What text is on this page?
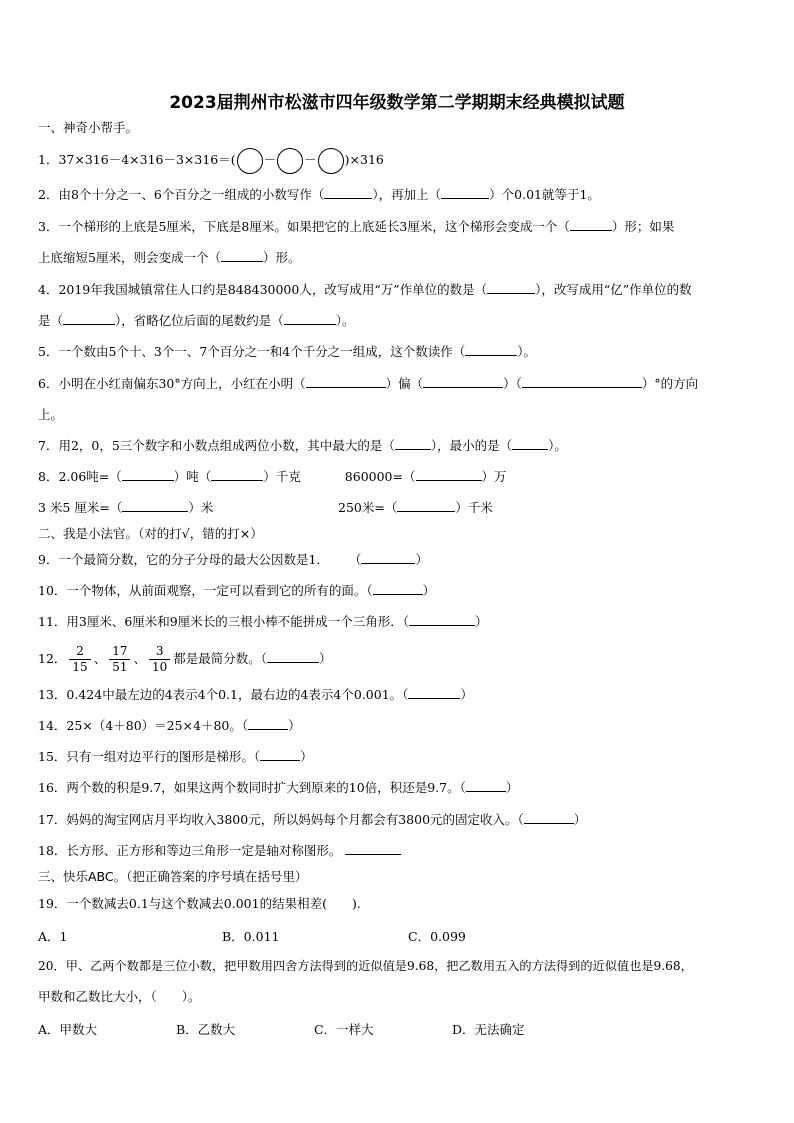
2023届荆州市松滋市四年级数学第二学期期末经典模拟试题
一、神奇小帮手。
1．37×316－4×316－3×316＝( － － )×316
2．由8个十分之一、6个百分之一组成的小数写作（	），再加上（	）个0.01就等于1。
3．一个梯形的上底是5厘米，下底是8厘米。如果把它的上底延长3厘米，这个梯形会变成一个（	）形；如果
上底缩短5厘米，则会变成一个（	）形。
4．2019年我国城镇常住人口约是848430000人，改写成用“万”作单位的数是（	），改写成用“亿”作单位的数
是（	），省略亿位后面的尾数约是（	）。
5．一个数由5个十、3个一、7个百分之一和4个千分之一组成，这个数读作（	）。
6．小明在小红南偏东30°方向上，小红在小明（	）偏（	）（	）°的方向
上。
7．用2，0，5三个数字和小数点组成两位小数，其中最大的是（	），最小的是（	）。
8．2.06吨=（	）吨（	）千克	860000=（	）万
3 米5 厘米=（	）米	250米=（	）千米
二、我是小法官。（对的打√，错的打×）
9．一个最简分数，它的分子分母的最大公因数是1． （	）
10．一个物体，从前面观察，一定可以看到它的所有的面。（	）
11．用3厘米、6厘米和9厘米长的三根小棒不能拼成一个三角形．（	）
12． $\frac{2}{15}$ 、 $\frac{17}{51}$ 、 $\frac{3}{10}$ 都是最简分数。（	）
13．0.424中最左边的4表示4个0.1，最右边的4表示4个0.001。（	）
14．25×（4＋80）＝25×4＋80。（	）
15．只有一组对边平行的图形是梯形。（	）
16．两个数的积是9.7，如果这两个数同时扩大到原来的10倍，积还是9.7。（	）
17．妈妈的淘宝网店月平均收入3800元，所以妈妈每个月都会有3800元的固定收入。（	）
18．长方形、正方形和等边三角形一定是轴对称图形。
三、快乐ABC。（把正确答案的序号填在括号里）
19．一个数减去0.1与这个数减去0.001的结果相差(　　).
A．1	B．0.011	C．0.099
20．甲、乙两个数都是三位小数，把甲数用四舍方法得到的近似值是9.68，把乙数用五入的方法得到的近似值也是9.68，
甲数和乙数比大小，（　　）。
A．甲数大	B．乙数大	C．一样大	D．无法确定
